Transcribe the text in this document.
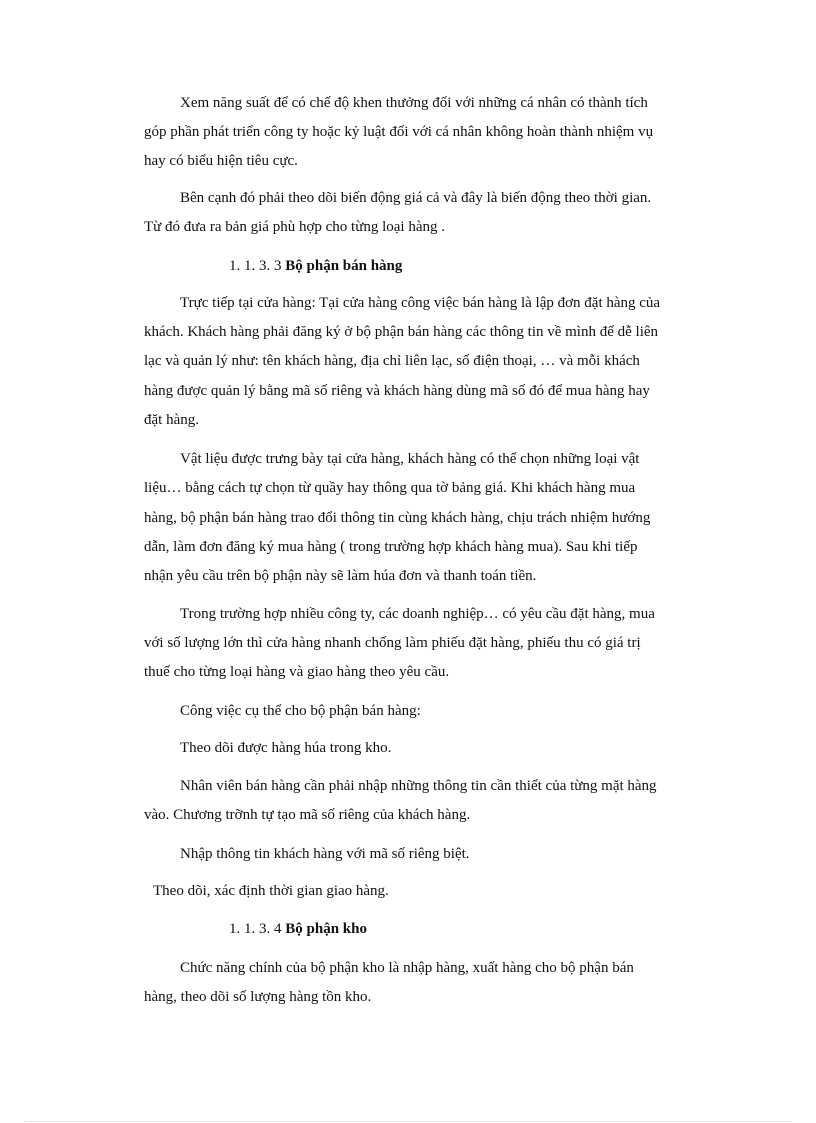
Xem năng suất để có chế độ khen thưởng đối với những cá nhân có thành tích

góp phần phát triển công ty hoặc kỷ luật đối với cá nhân không hoàn thành nhiệm vụ

hay có biểu hiện tiêu cực.

Bên cạnh đó phải theo dõi biến động giá cả và đây là biến động theo thời gian.

Từ đó đưa ra bản giá phù hợp cho từng loại hàng .

1. 1. 3. 3 Bộ phận bán hàng

Trực tiếp tại cửa hàng: Tại cửa hàng công việc bán hàng là lập đơn đặt hàng của

khách. Khách hàng phải đăng ký ở bộ phận bán hàng các thông tin về mình để dễ liên

lạc và quản lý như: tên khách hàng, địa chỉ liên lạc, số điện thoại, … và mỗi khách

hàng được quản lý bằng mã số riêng và khách hàng dùng mã số đó để mua hàng hay

đặt hàng.

Vật liệu được trưng bày tại cửa hàng, khách hàng có thể chọn những loại vật

liệu… bằng cách tự chọn từ quầy hay thông qua tờ bảng giá. Khi khách hàng mua

hàng, bộ phận bán hàng trao đổi thông tin cùng khách hàng, chịu trách nhiệm hướng

dẫn, làm đơn đăng ký mua hàng ( trong trường hợp khách hàng mua). Sau khi tiếp

nhận yêu cầu trên bộ phận này sẽ làm húa đơn và thanh toán tiền.

Trong trường hợp nhiều công ty, các doanh nghiệp… có yêu cầu đặt hàng, mua

với số lượng lớn thì cửa hàng nhanh chống làm phiếu đặt hàng, phiếu thu có giá trị

thuế cho từng loại hàng và giao hàng theo yêu cầu.

Công việc cụ thể cho bộ phận bán hàng:

Theo dõi được hàng húa trong kho.

Nhân viên bán hàng cần phải nhập những thông tin cần thiết của từng mặt hàng

vào. Chương trỡnh tự tạo mã số riêng của khách hàng.

Nhập thông tin khách hàng với mã số riêng biệt.

Theo dõi, xác định thời gian giao hàng.

1. 1. 3. 4 Bộ phận kho

Chức năng chính của bộ phận kho là nhập hàng, xuất hàng cho bộ phận bán

hàng, theo dõi số lượng hàng tồn kho.
